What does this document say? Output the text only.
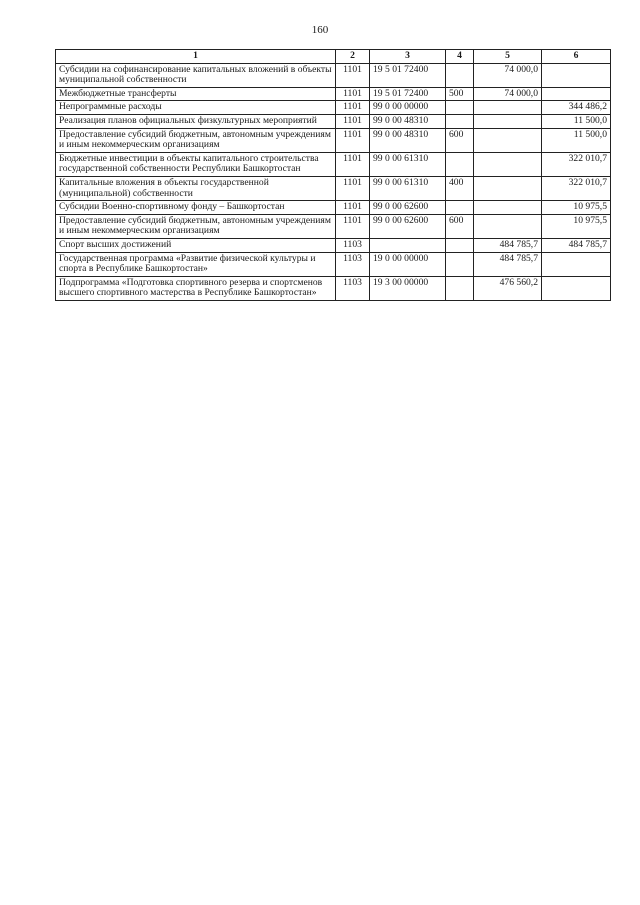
160
1	2	3	4	5	6
Субсидии на софинансирование капитальных вложений в объекты муниципальной собственности	1101	19 5 01 72400		74 000,0	
Межбюджетные трансферты	1101	19 5 01 72400	500	74 000,0	
Непрограммные расходы	1101	99 0 00 00000			344 486,2
Реализация планов официальных физкультурных мероприятий	1101	99 0 00 48310			11 500,0
Предоставление субсидий бюджетным, автономным учреждениям и иным некоммерческим организациям	1101	99 0 00 48310	600		11 500,0
Бюджетные инвестиции в объекты капитального строительства государственной собственности Республики Башкортостан	1101	99 0 00 61310			322 010,7
Капитальные вложения в объекты государственной (муниципальной) собственности	1101	99 0 00 61310	400		322 010,7
Субсидии Военно-спортивному фонду – Башкортостан	1101	99 0 00 62600			10 975,5
Предоставление субсидий бюджетным, автономным учреждениям и иным некоммерческим организациям	1101	99 0 00 62600	600		10 975,5
Спорт высших достижений	1103			484 785,7	484 785,7
Государственная программа «Развитие физической культуры и спорта в Республике Башкортостан»	1103	19 0 00 00000		484 785,7	
Подпрограмма «Подготовка спортивного резерва и спортсменов высшего спортивного мастерства в Республике Башкортостан»	1103	19 3 00 00000		476 560,2	
